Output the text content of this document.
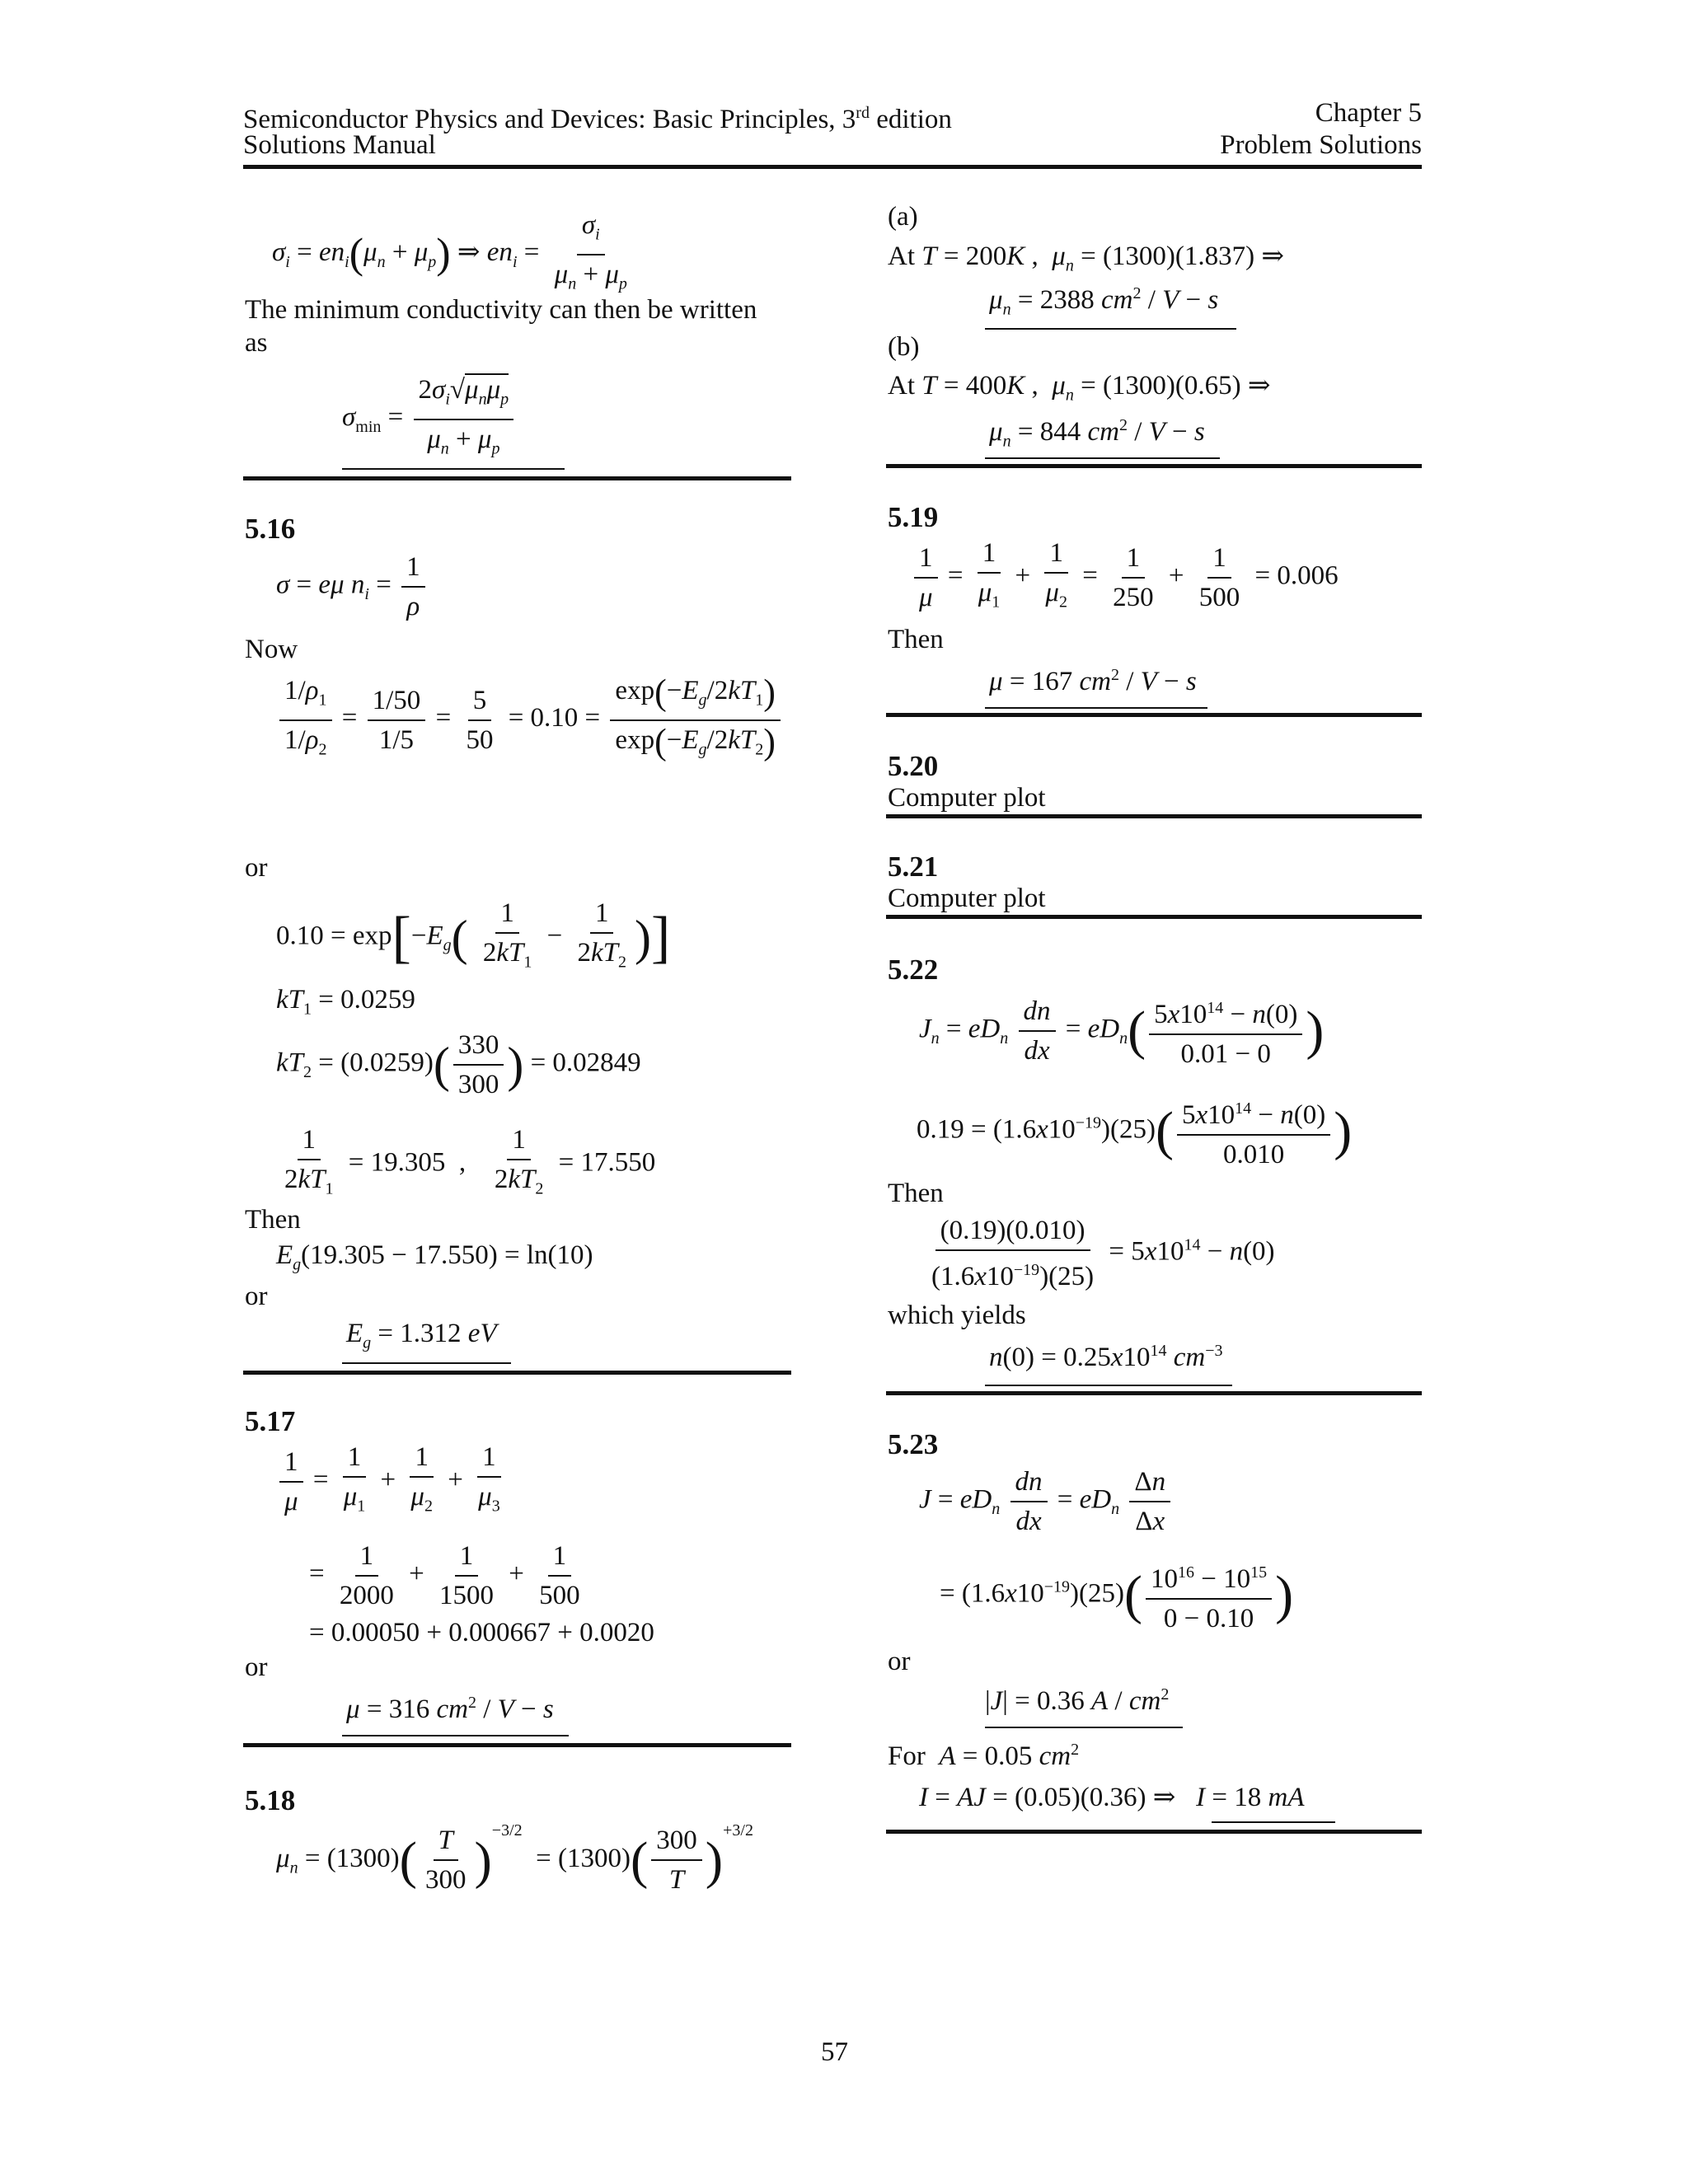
Semiconductor Physics and Devices: Basic Principles, 3rd edition
Solutions Manual
Chapter 5
Problem Solutions
$\sigma_i = en_i(\mu_n + \mu_p)$ ⇒ $en_i = \frac{\sigma_i}{\mu_n + \mu_p}$
The minimum conductivity can then be written
as
$\sigma_{min} = \frac{2\sigma_i√\mu_n\mu_p}{\mu_n + \mu_p}$
5.16
σ = eμ $n_i = \frac{1}{\rho}$
Now
$\frac{1/\rho_1}{1/\rho_2} = \frac{1/50}{1/5} = \frac{5}{50} = 0.10 = \frac{\exp(-E_g/2kT_1)}{\exp(-E_g/2kT_2)}$
or
$0.10 = \exp[-E_g( \frac{1}{2kT_1} - \frac{1}{2kT_2}$ )]
$kT_1 = 0.0259$
$kT_2 = (0.0259)( \frac{330}{300}$ ) = 0.02849
$\frac{1}{2kT_1} = 19.305$  , $\frac{1}{2kT_2} = 17.550$
Then
$E_g(19.305 - 17.550) = \ln(10)$
or
$E_g = 1.312$ eV
5.17
$\frac{1}{\mu} = \frac{1}{\mu_1} + \frac{1}{\mu_2} + \frac{1}{\mu_3}$
= $\frac{1}{2000} + \frac{1}{1500} + \frac{1}{500}$
= 0.00050 + 0.000667 + 0.0020
or
μ = 316 $cm^2 / V - s$
5.18
$\mu_n = (1300)( \frac{T}{300} )^{-3/2} = (1300)( \frac{300}{T} )^{+3/2}$
(a)
At T = 200K ,  $\mu_n = (1300)(1.837)$ ⇒
$\mu_n = 2388$ $cm^2 / V - s$
(b)
At T = 400K ,  $\mu_n = (1300)(0.65)$ ⇒
$\mu_n = 844$ $cm^2 / V - s$
5.19
$\frac{1}{\mu} = \frac{1}{\mu_1} + \frac{1}{\mu_2} = \frac{1}{250} + \frac{1}{500} = 0.006$
Then
μ = 167 $cm^2 / V - s$
5.20
Computer plot
5.21
Computer plot
5.22
$J_n = eD_n \frac{dn}{dx} = eD_n( \frac{5x10^{14} - n(0)}{0.01 - 0}$ )
$0.19 = (1.6x10^{-19})(25)( \frac{5x10^{14} - n(0)}{0.010}$ )
Then
$\frac{(0.19)(0.010)}{(1.6x10^{-19})(25)} = 5x10^{14} - n(0)$
which yields
$n(0) = 0.25x10^{14}$ $cm^{-3}$
5.23
$J = eD_n \frac{dn}{dx} = eD_n \frac{\Delta n}{\Delta x}$
= $(1.6x10^{-19})(25)( \frac{10^{16} - 10^{15}}{0 - 0.10}$ )
or
|J| = 0.36 A / $cm^2$
For  A = 0.05 $cm^2$
I = AJ = (0.05)(0.36) ⇒   I = 18 mA
57
